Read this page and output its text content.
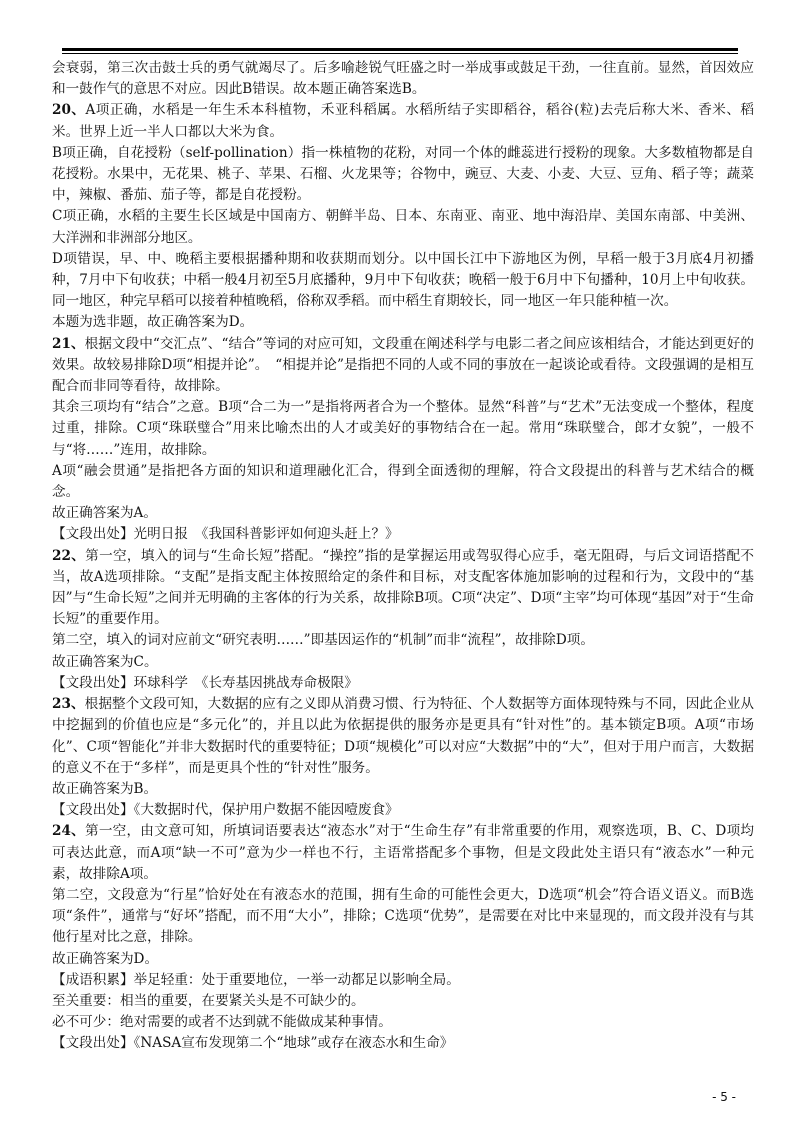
会衰弱，第三次击鼓士兵的勇气就竭尽了。后多喻趁锐气旺盛之时一举成事或鼓足干劲，一往直前。显然，首因效应和一鼓作气的意思不对应。因此B错误。故本题正确答案选B。

20、A项正确，水稻是一年生禾本科植物，禾亚科稻属。水稻所结子实即稻谷，稻谷(粒)去壳后称大米、香米、稻米。世界上近一半人口都以大米为食。

B项正确，自花授粉（self-pollination）指一株植物的花粉，对同一个体的雌蕊进行授粉的现象。大多数植物都是自花授粉。水果中，无花果、桃子、苹果、石榴、火龙果等；谷物中，豌豆、大麦、小麦、大豆、豆角、稻子等；蔬菜中，辣椒、番茄、茄子等，都是自花授粉。

C项正确，水稻的主要生长区域是中国南方、朝鲜半岛、日本、东南亚、南亚、地中海沿岸、美国东南部、中美洲、大洋洲和非洲部分地区。

D项错误，早、中、晚稻主要根据播种期和收获期而划分。以中国长江中下游地区为例，早稻一般于3月底4月初播种，7月中下旬收获；中稻一般4月初至5月底播种，9月中下旬收获；晚稻一般于6月中下旬播种，10月上中旬收获。同一地区，种完早稻可以接着种植晚稻，俗称双季稻。而中稻生育期较长，同一地区一年只能种植一次。

本题为选非题，故正确答案为D。

21、根据文段中“交汇点”、“结合”等词的对应可知，文段重在阐述科学与电影二者之间应该相结合，才能达到更好的效果。故较易排除D项“相提并论”。　“相提并论”是指把不同的人或不同的事放在一起谈论或看待。文段强调的是相互配合而非同等看待，故排除。

其余三项均有“结合”之意。B项“合二为一”是指将两者合为一个整体。显然“科普”与“艺术”无法变成一个整体，程度过重，排除。C项“珠联璧合”用来比喻杰出的人才或美好的事物结合在一起。常用“珠联璧合，郎才女貌”，一般不与“将……”连用，故排除。

A项“融会贯通”是指把各方面的知识和道理融化汇合，得到全面透彻的理解，符合文段提出的科普与艺术结合的概念。

故正确答案为A。

【文段出处】光明日报　《我国科普影评如何迎头赶上？》

22、第一空，填入的词与“生命长短”搭配。“操控”指的是掌握运用或驾驭得心应手，毫无阻碍，与后文词语搭配不当，故A选项排除。“支配”是指支配主体按照给定的条件和目标，对支配客体施加影响的过程和行为，文段中的“基因”与“生命长短”之间并无明确的主客体的行为关系，故排除B项。C项“决定”、D项“主宰”均可体现“基因”对于“生命长短”的重要作用。

第二空，填入的词对应前文“研究表明……”即基因运作的“机制”而非“流程”，故排除D项。

故正确答案为C。

【文段出处】环球科学　《长寿基因挑战寿命极限》

23、根据整个文段可知，大数据的应有之义即从消费习惯、行为特征、个人数据等方面体现特殊与不同，因此企业从中挖掘到的价值也应是“多元化”的，并且以此为依据提供的服务亦是更具有“针对性”的。基本锁定B项。A项“市场化”、C项“智能化”并非大数据时代的重要特征；D项“规模化”可以对应“大数据”中的“大”，但对于用户而言，大数据的意义不在于“多样”，而是更具个性的“针对性”服务。

故正确答案为B。

【文段出处】《大数据时代，保护用户数据不能因噎废食》

24、第一空，由文意可知，所填词语要表达“液态水”对于“生命生存”有非常重要的作用，观察选项，B、C、D项均可表达此意，而A项“缺一不可”意为少一样也不行，主语常搭配多个事物，但是文段此处主语只有“液态水”一种元素，故排除A项。

第二空，文段意为“行星”恰好处在有液态水的范围，拥有生命的可能性会更大，D选项“机会”符合语义语义。而B选项“条件”，通常与“好坏”搭配，而不用“大小”，排除；C选项“优势”，是需要在对比中来显现的，而文段并没有与其他行星对比之意，排除。

故正确答案为D。

【成语积累】举足轻重：处于重要地位，一举一动都足以影响全局。

至关重要：相当的重要，在要紧关头是不可缺少的。

必不可少：绝对需要的或者不达到就不能做成某种事情。

【文段出处】《NASA宣布发现第二个“地球”或存在液态水和生命》

- 5 -
